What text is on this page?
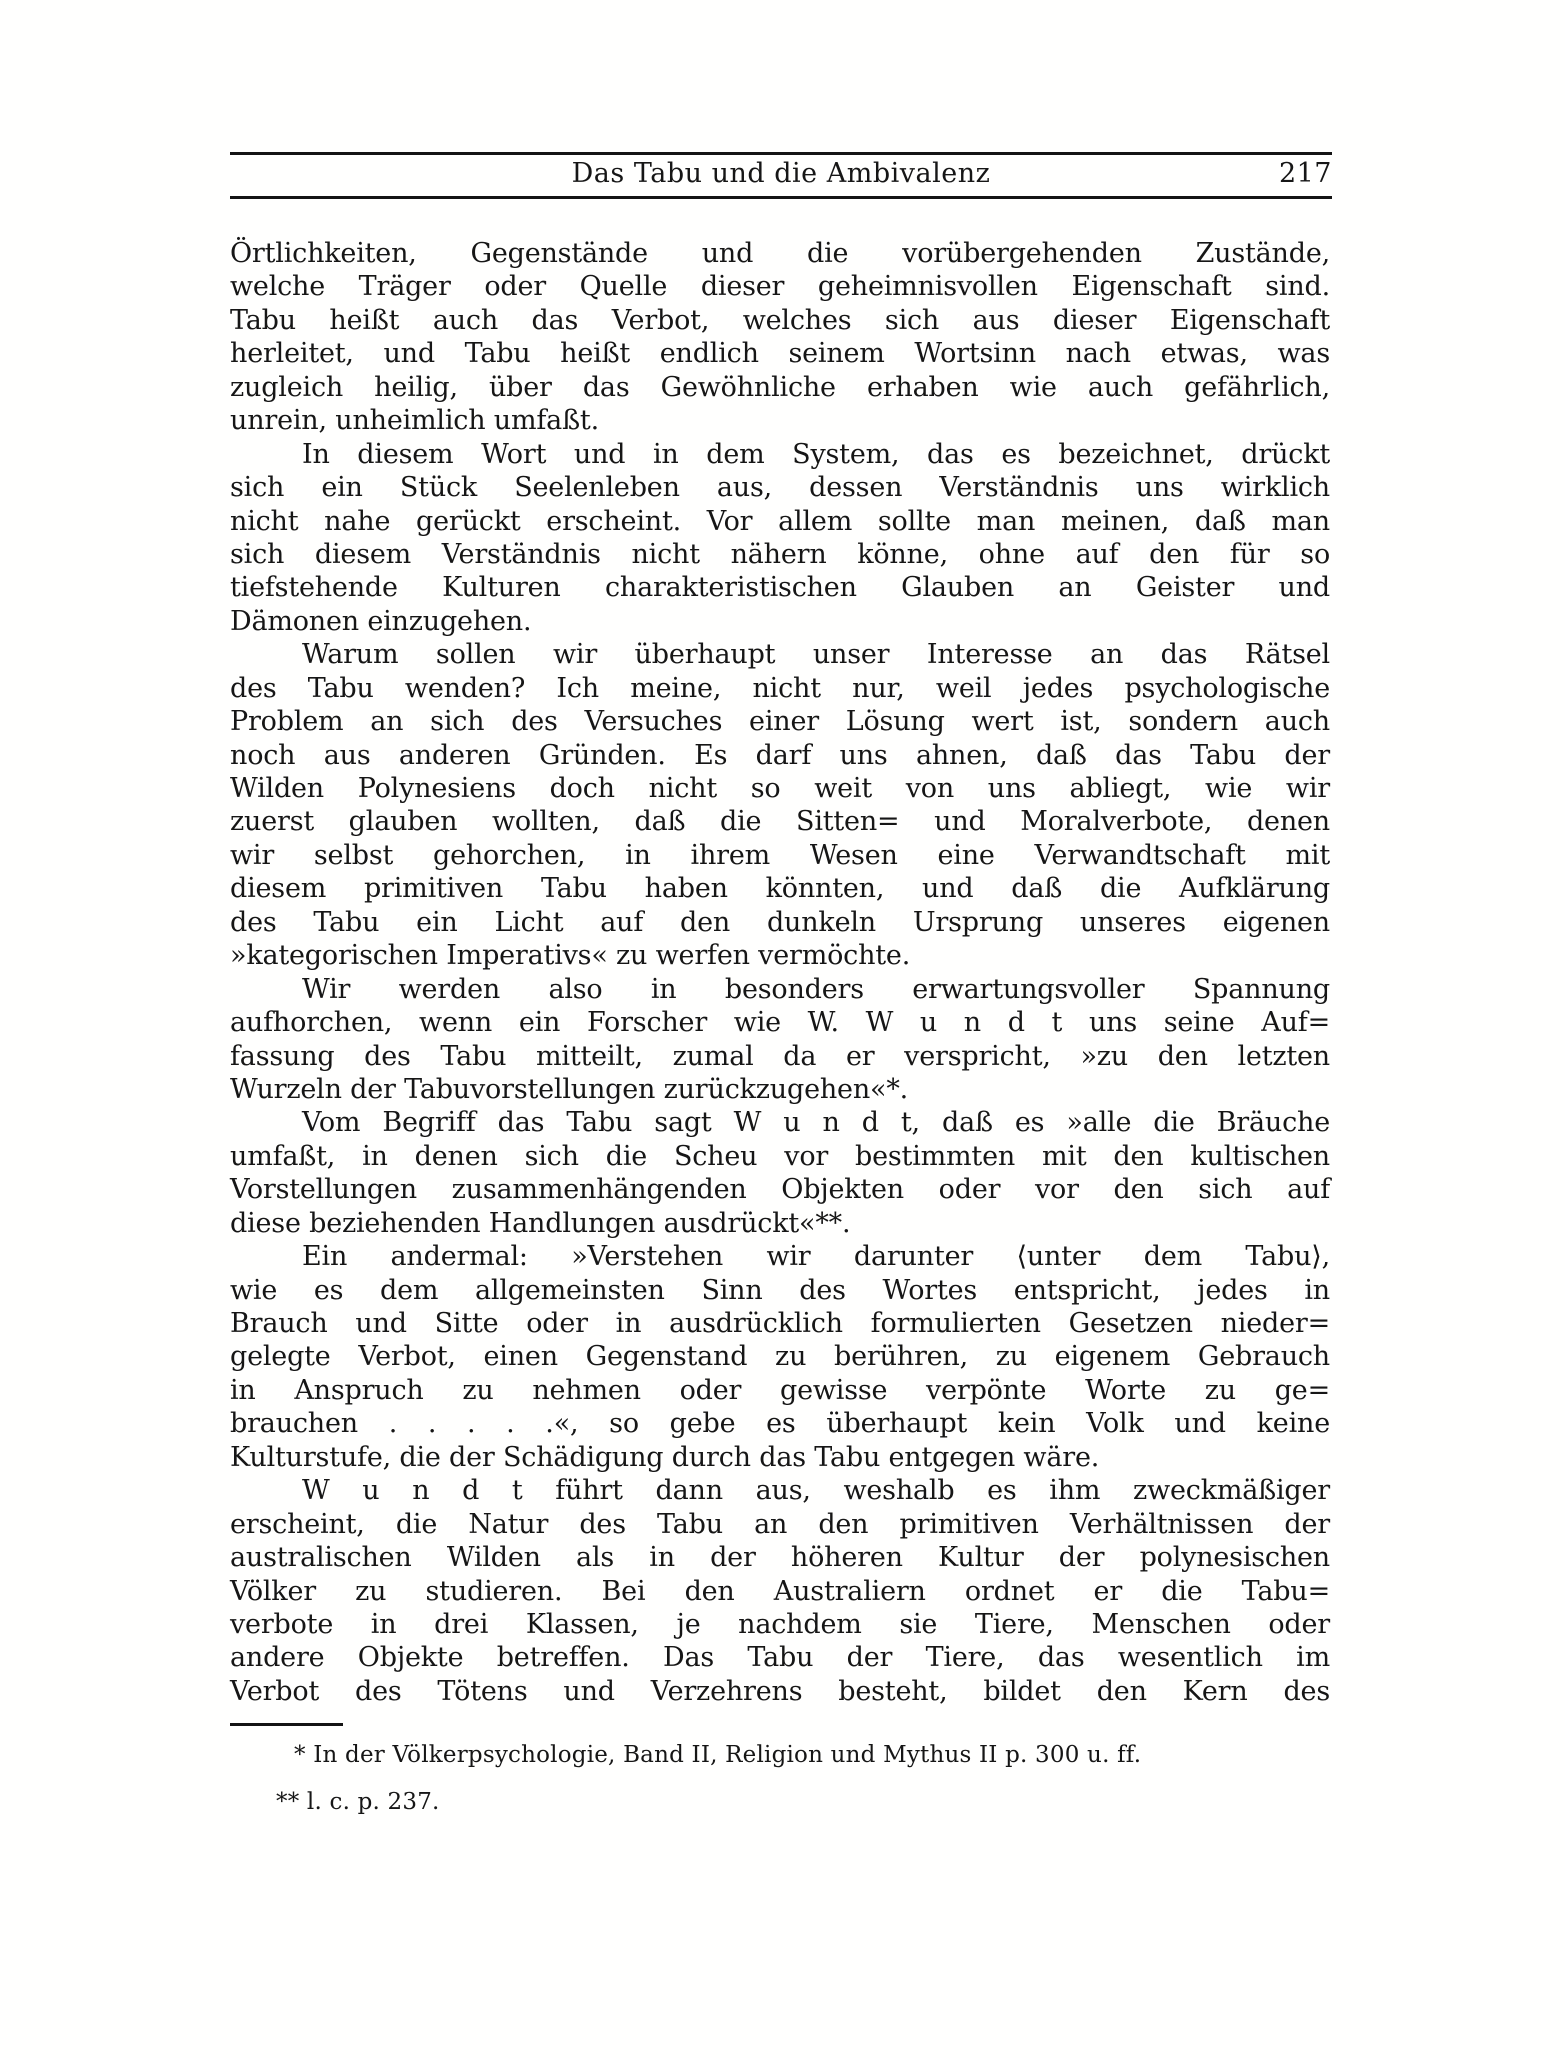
Das Tabu und die Ambivalenz	217
Örtlichkeiten, Gegenstände und die vorübergehenden Zustände,
welche Träger oder Quelle dieser geheimnisvollen Eigenschaft sind.
Tabu heißt auch das Verbot, welches sich aus dieser Eigenschaft
herleitet, und Tabu heißt endlich seinem Wortsinn nach etwas, was
zugleich heilig, über das Gewöhnliche erhaben wie auch gefährlich,
unrein, unheimlich umfaßt.
In diesem Wort und in dem System, das es bezeichnet, drückt
sich ein Stück Seelenleben aus, dessen Verständnis uns wirklich
nicht nahe gerückt erscheint. Vor allem sollte man meinen, daß man
sich diesem Verständnis nicht nähern könne, ohne auf den für so
tiefstehende Kulturen charakteristischen Glauben an Geister und
Dämonen einzugehen.
Warum sollen wir überhaupt unser Interesse an das Rätsel
des Tabu wenden? Ich meine, nicht nur, weil jedes psychologische
Problem an sich des Versuches einer Lösung wert ist, sondern auch
noch aus anderen Gründen. Es darf uns ahnen, daß das Tabu der
Wilden Polynesiens doch nicht so weit von uns abliegt, wie wir
zuerst glauben wollten, daß die Sitten= und Moralverbote, denen
wir selbst gehorchen, in ihrem Wesen eine Verwandtschaft mit
diesem primitiven Tabu haben könnten, und daß die Aufklärung
des Tabu ein Licht auf den dunkeln Ursprung unseres eigenen
»kategorischen Imperativs« zu werfen vermöchte.
Wir werden also in besonders erwartungsvoller Spannung
aufhorchen, wenn ein Forscher wie W. W u n d t uns seine Auf=
fassung des Tabu mitteilt, zumal da er verspricht, »zu den letzten
Wurzeln der Tabuvorstellungen zurückzugehen«*.
Vom Begriff das Tabu sagt W u n d t, daß es »alle die Bräuche
umfaßt, in denen sich die Scheu vor bestimmten mit den kultischen
Vorstellungen zusammenhängenden Objekten oder vor den sich auf
diese beziehenden Handlungen ausdrückt«**.
Ein andermal: »Verstehen wir darunter ⟨unter dem Tabu⟩,
wie es dem allgemeinsten Sinn des Wortes entspricht, jedes in
Brauch und Sitte oder in ausdrücklich formulierten Gesetzen nieder=
gelegte Verbot, einen Gegenstand zu berühren, zu eigenem Gebrauch
in Anspruch zu nehmen oder gewisse verpönte Worte zu ge=
brauchen . . . . .«, so gebe es überhaupt kein Volk und keine
Kulturstufe, die der Schädigung durch das Tabu entgegen wäre.
W u n d t führt dann aus, weshalb es ihm zweckmäßiger
erscheint, die Natur des Tabu an den primitiven Verhältnissen der
australischen Wilden als in der höheren Kultur der polynesischen
Völker zu studieren. Bei den Australiern ordnet er die Tabu=
verbote in drei Klassen, je nachdem sie Tiere, Menschen oder
andere Objekte betreffen. Das Tabu der Tiere, das wesentlich im
Verbot des Tötens und Verzehrens besteht, bildet den Kern des
* In der Völkerpsychologie, Band II, Religion und Mythus II p. 300 u. ff.
** l. c. p. 237.
